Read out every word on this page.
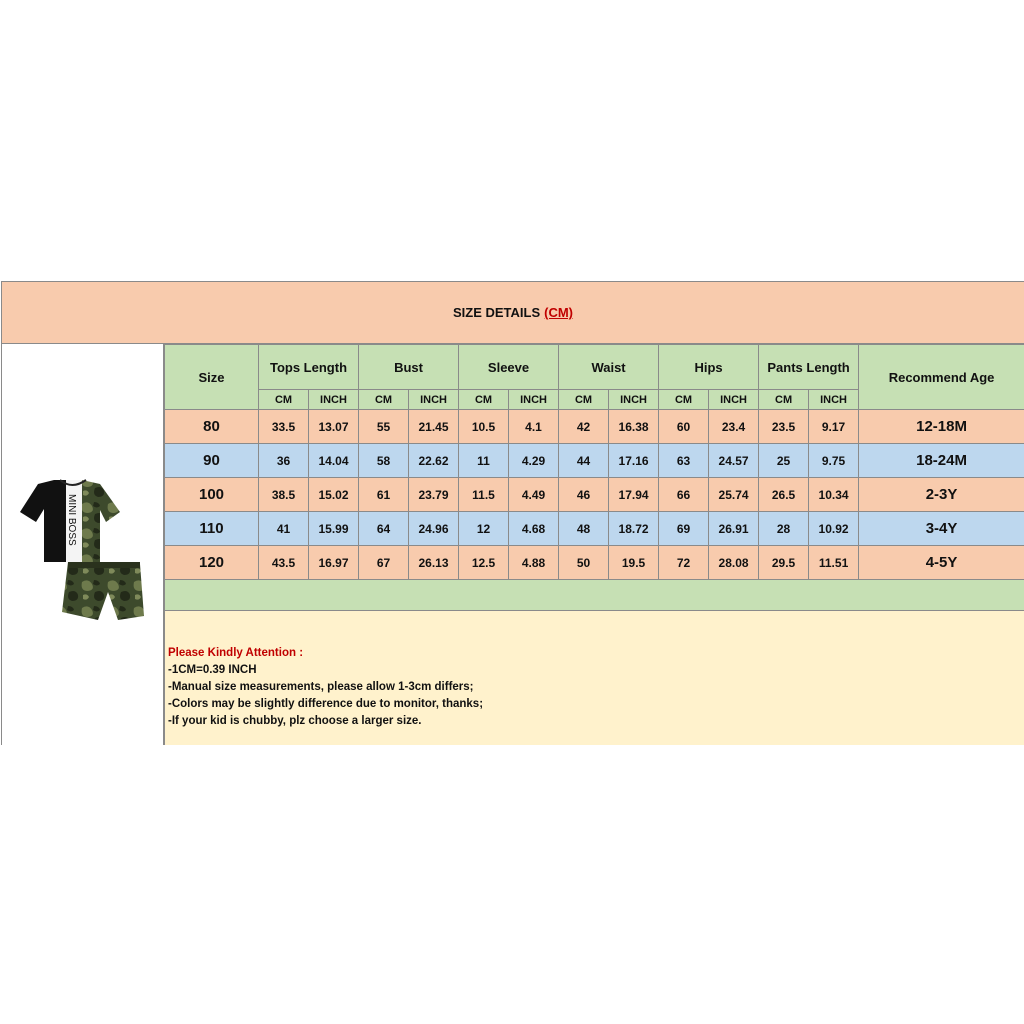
SIZE DETAILS (CM)
MINI BOSS
Size	Tops Length		Bust		Sleeve		Waist		Hips		Pants Length		Recommend Age
	CM	INCH	CM	INCH	CM	INCH	CM	INCH	CM	INCH	CM	INCH	
80	33.5	13.07	55	21.45	10.5	4.1	42	16.38	60	23.4	23.5	9.17	12-18M
90	36	14.04	58	22.62	11	4.29	44	17.16	63	24.57	25	9.75	18-24M
100	38.5	15.02	61	23.79	11.5	4.49	46	17.94	66	25.74	26.5	10.34	2-3Y
110	41	15.99	64	24.96	12	4.68	48	18.72	69	26.91	28	10.92	3-4Y
120	43.5	16.97	67	26.13	12.5	4.88	50	19.5	72	28.08	29.5	11.51	4-5Y

Please Kindly Attention :
-1CM=0.39 INCH
-Manual size measurements, please allow 1-3cm differs;
-Colors may be slightly difference due to monitor, thanks;
-If your kid is chubby, plz choose a larger size.
